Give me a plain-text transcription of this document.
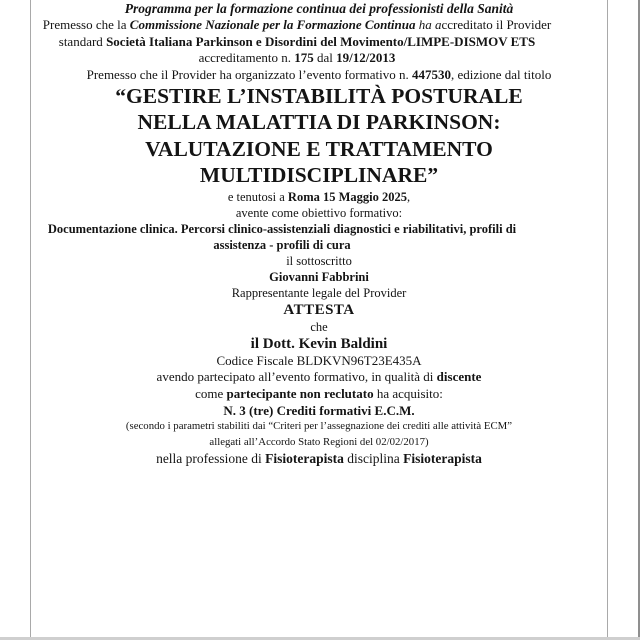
Programma per la formazione continua dei professionisti della Sanità

Premesso che la Commissione Nazionale per la Formazione Continua ha accreditato il Provider standard Società Italiana Parkinson e Disordini del Movimento/LIMPE-DISMOV ETS accreditamento n. 175 dal 19/12/2013

Premesso che il Provider ha organizzato l’evento formativo n. 447530, edizione dal titolo

“GESTIRE L’INSTABILITÀ POSTURALE
NELLA MALATTIA DI PARKINSON:
VALUTAZIONE E TRATTAMENTO
MULTIDISCIPLINARE”
e tenutosi a Roma 15 Maggio 2025,
avente come obiettivo formativo:

Documentazione clinica. Percorsi clinico-assistenziali diagnostici e riabilitativi, profili di assistenza - profili di cura

il sottoscritto
Giovanni Fabbrini
Rappresentante legale del Provider

ATTESTA

che

il Dott. Kevin Baldini

Codice Fiscale BLDKVN96T23E435A
avendo partecipato all’evento formativo, in qualità di discente
come partecipante non reclutato ha acquisito:

N. 3 (tre) Crediti formativi E.C.M.

(secondo i parametri stabiliti dai “Criteri per l’assegnazione dei crediti alle attività ECM”
allegati all’Accordo Stato Regioni del 02/02/2017)

nella professione di Fisioterapista disciplina Fisioterapista
